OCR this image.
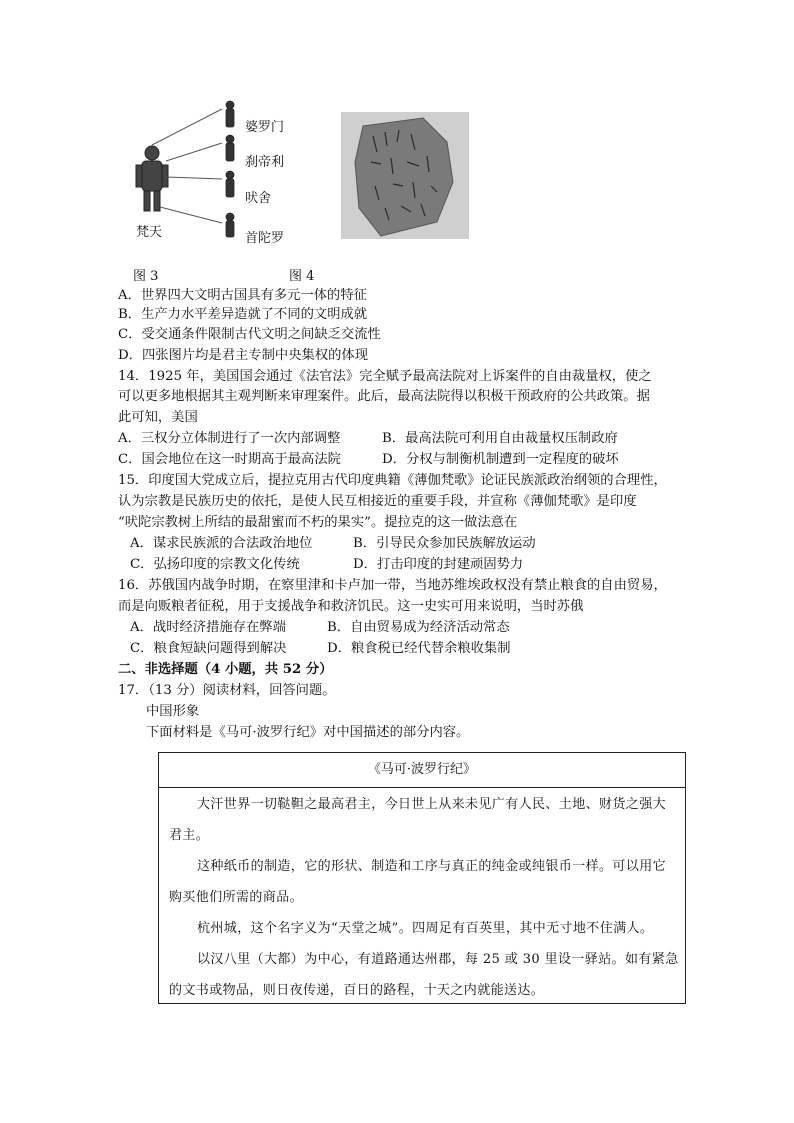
婆罗门
刹帝利
吠舍
首陀罗
梵天
图 3	图 4
A．世界四大文明古国具有多元一体的特征
B．生产力水平差异造就了不同的文明成就
C．受交通条件限制古代文明之间缺乏交流性
D．四张图片均是君主专制中央集权的体现
14．1925 年，美国国会通过《法官法》完全赋予最高法院对上诉案件的自由裁量权，使之
可以更多地根据其主观判断来审理案件。此后，最高法院得以积极干预政府的公共政策。据
此可知，美国
A．三权分立体制进行了一次内部调整	B．最高法院可利用自由裁量权压制政府
C．国会地位在这一时期高于最高法院	D．分权与制衡机制遭到一定程度的破坏
15．印度国大党成立后，提拉克用古代印度典籍《薄伽梵歌》论证民族派政治纲领的合理性，
认为宗教是民族历史的依托，是使人民互相接近的重要手段，并宣称《薄伽梵歌》是印度
“吠陀宗教树上所结的最甜蜜而不朽的果实”。提拉克的这一做法意在
A．谋求民族派的合法政治地位	B．引导民众参加民族解放运动
C．弘扬印度的宗教文化传统	D．打击印度的封建顽固势力
16．苏俄国内战争时期，在察里津和卡卢加一带，当地苏维埃政权没有禁止粮食的自由贸易，
而是向贩粮者征税，用于支援战争和救济饥民。这一史实可用来说明，当时苏俄
A．战时经济措施存在弊端	B．自由贸易成为经济活动常态
C．粮食短缺问题得到解决	D．粮食税已经代替余粮收集制
二、非选择题（4 小题，共 52 分）
17．（13 分）阅读材料，回答问题。
中国形象
下面材料是《马可·波罗行纪》对中国描述的部分内容。
《马可·波罗行纪》
大汗世界一切鞑靼之最高君主，今日世上从来未见广有人民、土地、财货之强大
君主。
这种纸币的制造，它的形状、制造和工序与真正的纯金或纯银币一样。可以用它
购买他们所需的商品。
杭州城，这个名字义为“天堂之城”。四周足有百英里，其中无寸地不住满人。
以汉八里（大都）为中心，有道路通达州郡，每 25 或 30 里设一驿站。如有紧急
的文书或物品，则日夜传递，百日的路程，十天之内就能送达。
